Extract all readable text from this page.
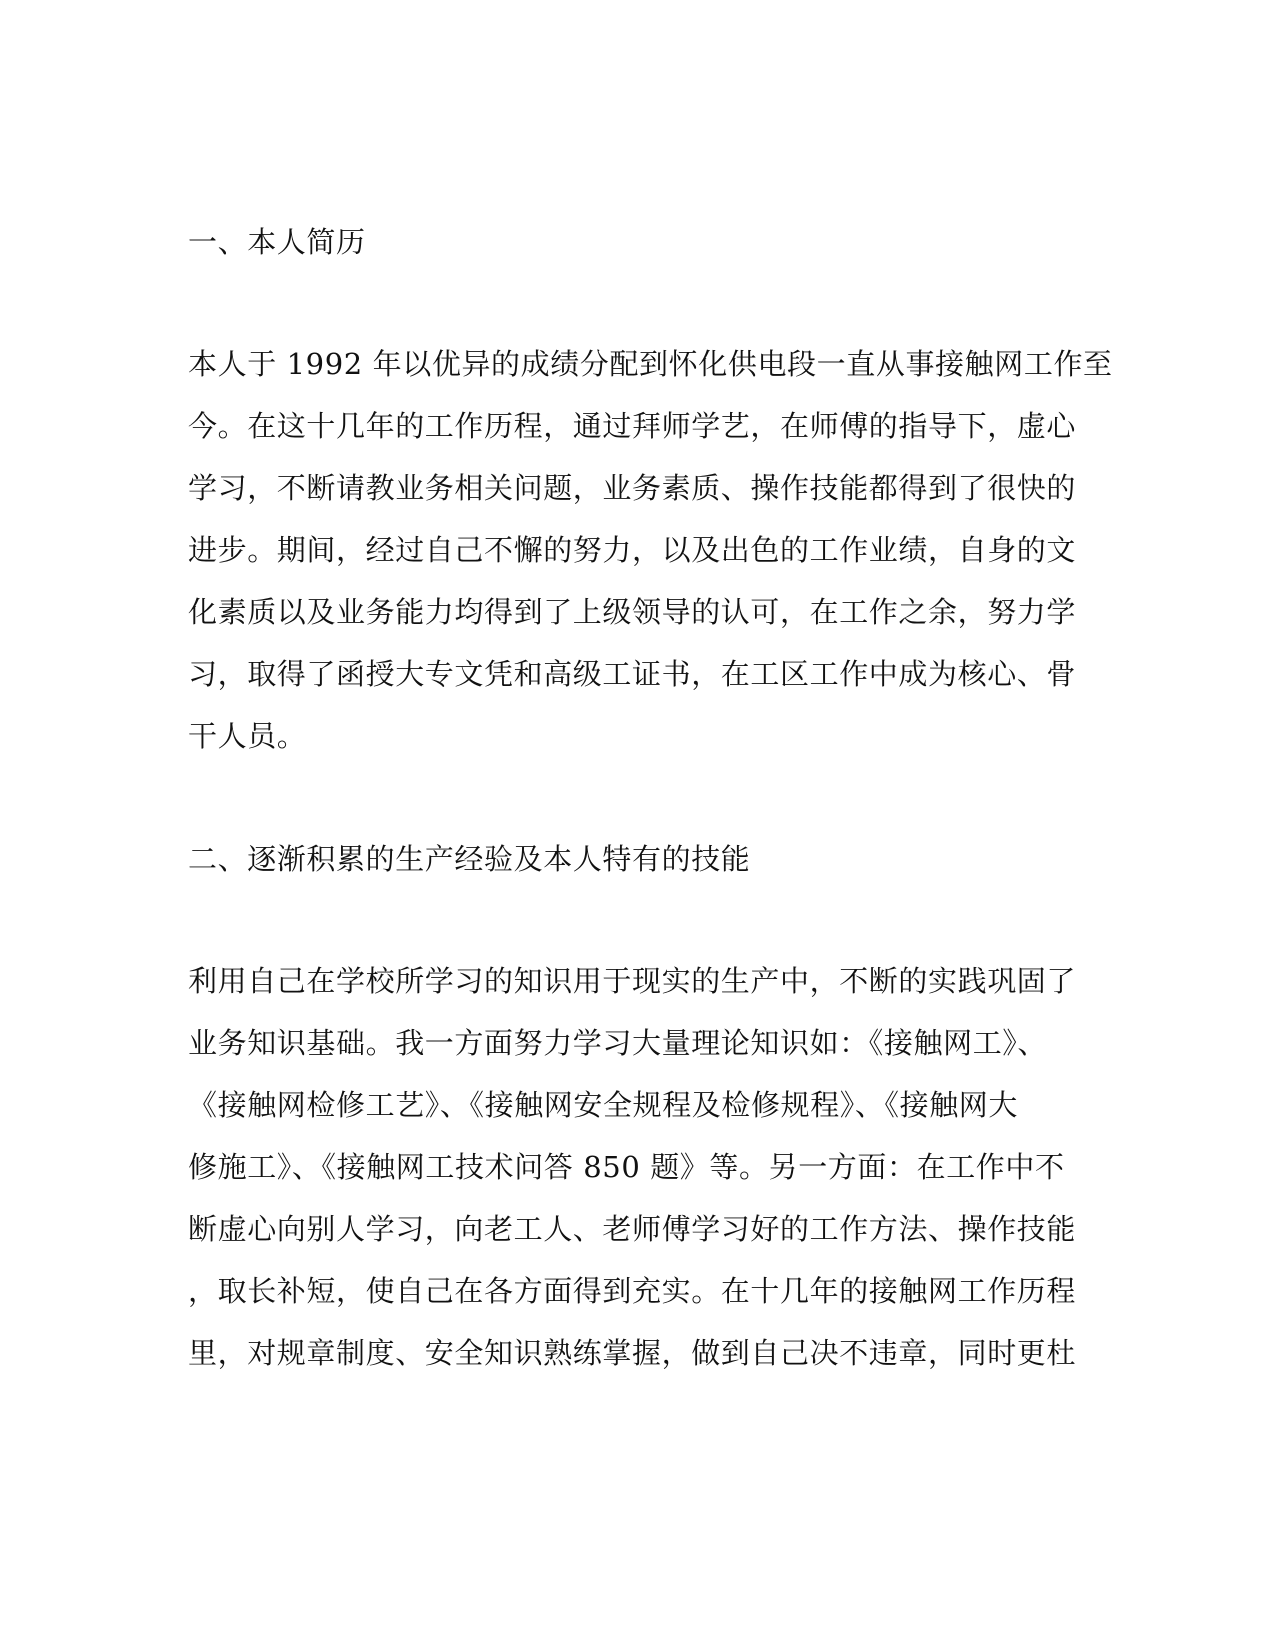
一、本人简历
本人于 1992 年以优异的成绩分配到怀化供电段一直从事接触网工作至
今。在这十几年的工作历程，通过拜师学艺，在师傅的指导下，虚心
学习，不断请教业务相关问题，业务素质、操作技能都得到了很快的
进步。期间，经过自己不懈的努力，以及出色的工作业绩，自身的文
化素质以及业务能力均得到了上级领导的认可，在工作之余，努力学
习，取得了函授大专文凭和高级工证书，在工区工作中成为核心、骨
干人员。
二、逐渐积累的生产经验及本人特有的技能
利用自己在学校所学习的知识用于现实的生产中，不断的实践巩固了
业务知识基础。我一方面努力学习大量理论知识如：《接触网工》、
《接触网检修工艺》、《接触网安全规程及检修规程》、《接触网大
修施工》、《接触网工技术问答 850 题》等。另一方面：在工作中不
断虚心向别人学习，向老工人、老师傅学习好的工作方法、操作技能
，取长补短，使自己在各方面得到充实。在十几年的接触网工作历程
里，对规章制度、安全知识熟练掌握，做到自己决不违章，同时更杜
